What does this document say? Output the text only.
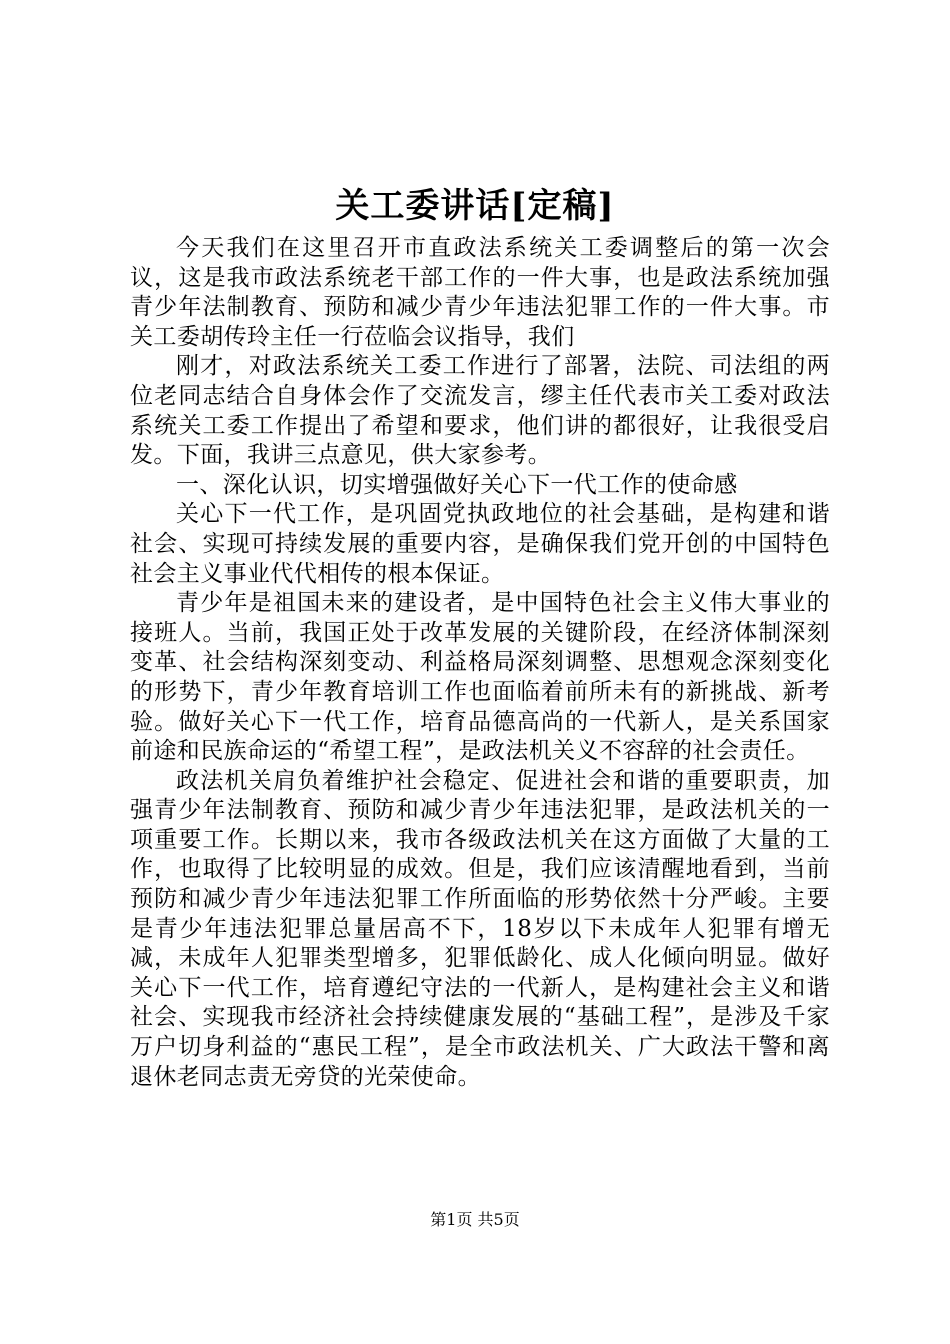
关工委讲话[定稿]

今天我们在这里召开市直政法系统关工委调整后的第一次会议，这是我市政法系统老干部工作的一件大事，也是政法系统加强青少年法制教育、预防和减少青少年违法犯罪工作的一件大事。市关工委胡传玲主任一行莅临会议指导，我们

刚才，对政法系统关工委工作进行了部署，法院、司法组的两位老同志结合自身体会作了交流发言，缪主任代表市关工委对政法系统关工委工作提出了希望和要求，他们讲的都很好，让我很受启发。下面，我讲三点意见，供大家参考。

一、深化认识，切实增强做好关心下一代工作的使命感

关心下一代工作，是巩固党执政地位的社会基础，是构建和谐社会、实现可持续发展的重要内容，是确保我们党开创的中国特色社会主义事业代代相传的根本保证。

青少年是祖国未来的建设者，是中国特色社会主义伟大事业的接班人。当前，我国正处于改革发展的关键阶段，在经济体制深刻变革、社会结构深刻变动、利益格局深刻调整、思想观念深刻变化的形势下，青少年教育培训工作也面临着前所未有的新挑战、新考验。做好关心下一代工作，培育品德高尚的一代新人，是关系国家前途和民族命运的“希望工程”，是政法机关义不容辞的社会责任。

政法机关肩负着维护社会稳定、促进社会和谐的重要职责，加强青少年法制教育、预防和减少青少年违法犯罪，是政法机关的一项重要工作。长期以来，我市各级政法机关在这方面做了大量的工作，也取得了比较明显的成效。但是，我们应该清醒地看到，当前预防和减少青少年违法犯罪工作所面临的形势依然十分严峻。主要是青少年违法犯罪总量居高不下，18岁以下未成年人犯罪有增无减，未成年人犯罪类型增多，犯罪低龄化、成人化倾向明显。做好关心下一代工作，培育遵纪守法的一代新人，是构建社会主义和谐社会、实现我市经济社会持续健康发展的“基础工程”，是涉及千家万户切身利益的“惠民工程”，是全市政法机关、广大政法干警和离退休老同志责无旁贷的光荣使命。

第1页 共5页
